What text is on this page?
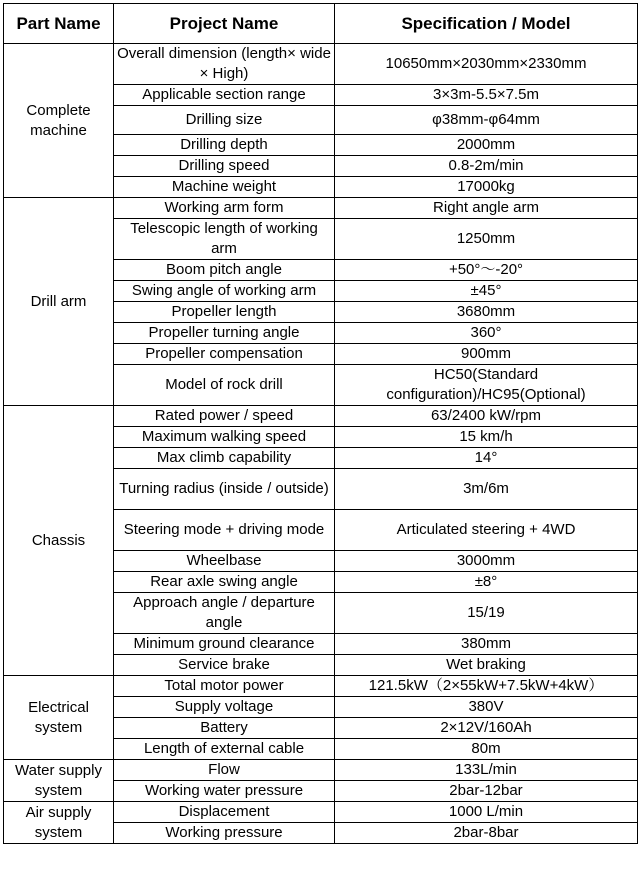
Part Name	Project Name	Specification / Model
Complete machine	Overall dimension (length× wide × High)	10650mm×2030mm×2330mm
	Applicable section range	3×3m-5.5×7.5m
	Drilling size	φ38mm-φ64mm
	Drilling depth	2000mm
	Drilling speed	0.8-2m/min
	Machine weight	17000kg
Drill arm	Working arm form	Right angle arm
	Telescopic length of working arm	1250mm
	Boom pitch angle	+50°～-20°
	Swing angle of working arm	±45°
	Propeller length	3680mm
	Propeller turning angle	360°
	Propeller compensation	900mm
	Model of rock drill	HC50(Standard configuration)/HC95(Optional)
Chassis	Rated power / speed	63/2400 kW/rpm
	Maximum walking speed	15 km/h
	Max climb capability	14°
	Turning radius (inside / outside)	3m/6m
	Steering mode + driving mode	Articulated steering + 4WD
	Wheelbase	3000mm
	Rear axle swing angle	±8°
	Approach angle / departure angle	15/19
	Minimum ground clearance	380mm
	Service brake	Wet braking
Electrical system	Total motor power	121.5kW（2×55kW+7.5kW+4kW）
	Supply voltage	380V
	Battery	2×12V/160Ah
	Length of external cable	80m
Water supply system	Flow	133L/min
	Working water pressure	2bar-12bar
Air supply system	Displacement	1000 L/min
	Working pressure	2bar-8bar
